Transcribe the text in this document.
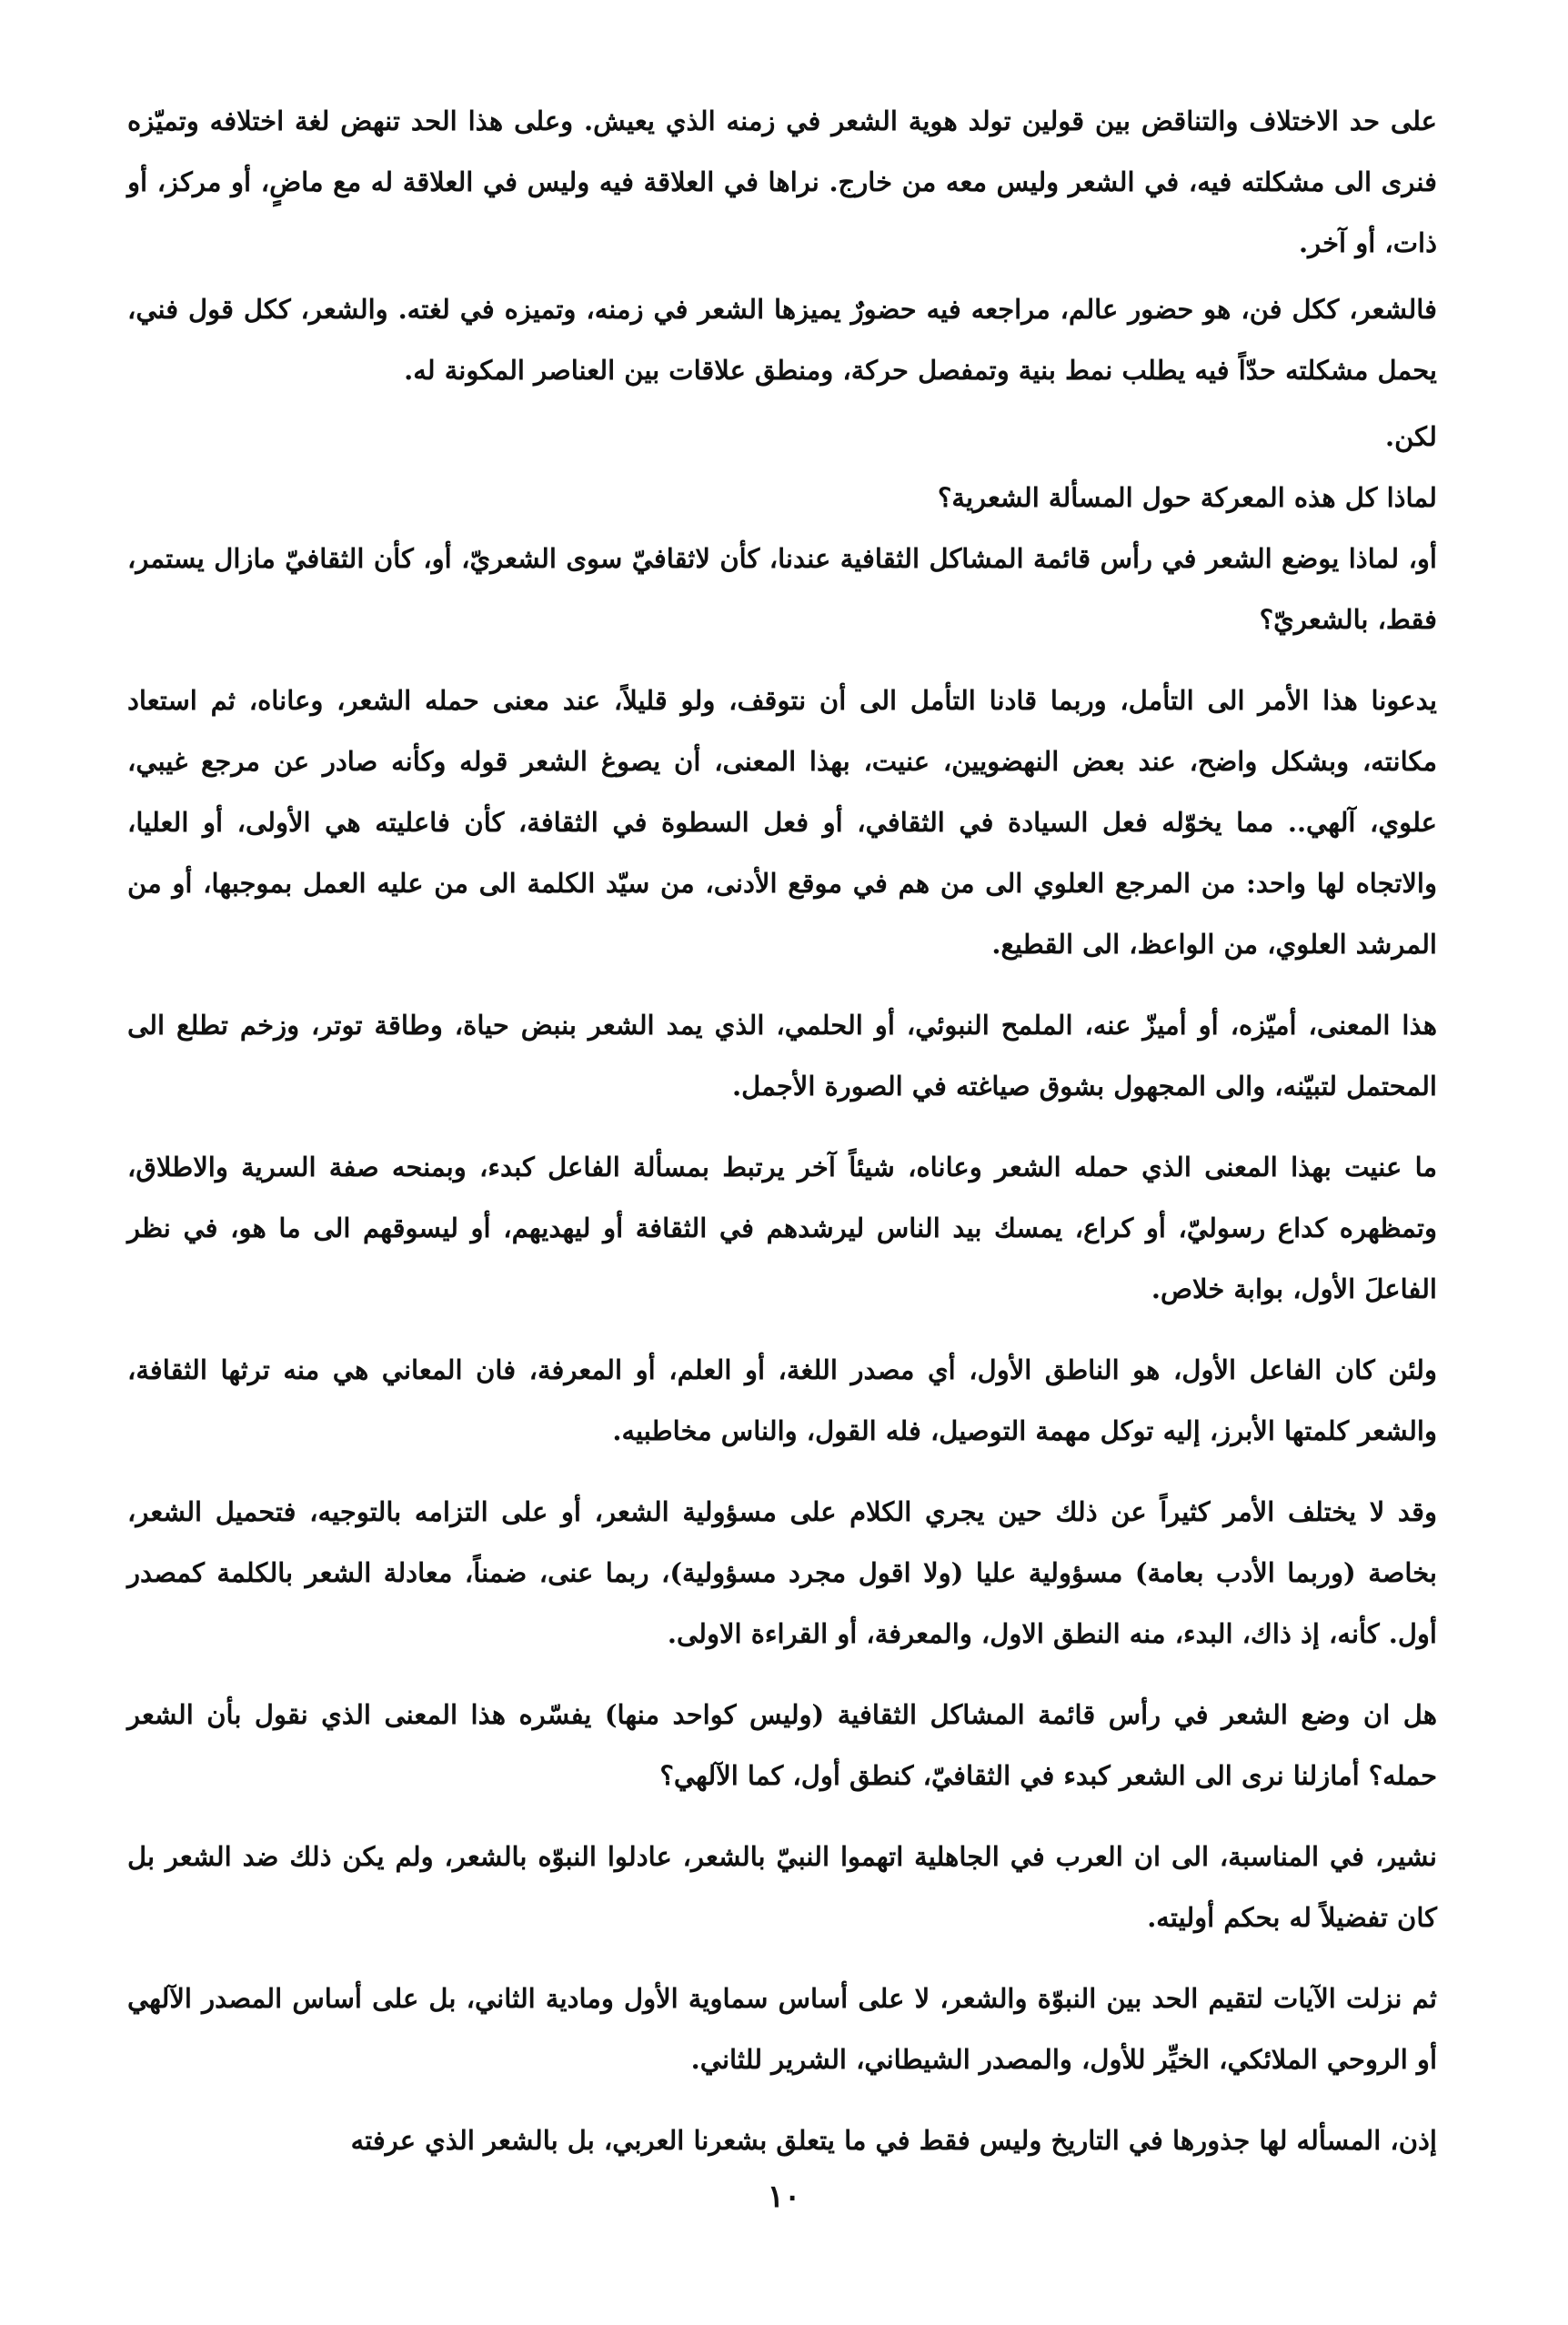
على حد الاختلاف والتناقض بين قولين تولد هوية الشعر في زمنه الذي يعيش. وعلى هذا الحد تنهض لغة اختلافه وتميّزه فنرى الى مشكلته فيه، في الشعر وليس معه من خارج. نراها في العلاقة فيه وليس في العلاقة له مع ماضٍ، أو مركز، أو ذات، أو آخر.

فالشعر، ككل فن، هو حضور عالم، مراجعه فيه حضورٌ يميزها الشعر في زمنه، وتميزه في لغته. والشعر، ككل قول فني، يحمل مشكلته حدّاً فيه يطلب نمط بنية وتمفصل حركة، ومنطق علاقات بين العناصر المكونة له.

لكن.

لماذا كل هذه المعركة حول المسألة الشعرية؟

أو، لماذا يوضع الشعر في رأس قائمة المشاكل الثقافية عندنا، كأن لاثقافيّ سوى الشعريّ، أو، كأن الثقافيّ مازال يستمر، فقط، بالشعريّ؟

يدعونا هذا الأمر الى التأمل، وربما قادنا التأمل الى أن نتوقف، ولو قليلاً، عند معنى حمله الشعر، وعاناه، ثم استعاد مكانته، وبشكل واضح، عند بعض النهضويين، عنيت، بهذا المعنى، أن يصوغ الشعر قوله وكأنه صادر عن مرجع غيبي، علوي، آلهي.. مما يخوّله فعل السيادة في الثقافي، أو فعل السطوة في الثقافة، كأن فاعليته هي الأولى، أو العليا، والاتجاه لها واحد: من المرجع العلوي الى من هم في موقع الأدنى، من سيّد الكلمة الى من عليه العمل بموجبها، أو من المرشد العلوي، من الواعظ، الى القطيع.

هذا المعنى، أميّزه، أو أميزّ عنه، الملمح النبوئي، أو الحلمي، الذي يمد الشعر بنبض حياة، وطاقة توتر، وزخم تطلع الى المحتمل لتبيّنه، والى المجهول بشوق صياغته في الصورة الأجمل.

ما عنيت بهذا المعنى الذي حمله الشعر وعاناه، شيئاً آخر يرتبط بمسألة الفاعل كبدء، وبمنحه صفة السرية والاطلاق، وتمظهره كداع رسوليّ، أو كراع، يمسك بيد الناس ليرشدهم في الثقافة أو ليهديهم، أو ليسوقهم الى ما هو، في نظر الفاعلَ الأول، بوابة خلاص.

ولئن كان الفاعل الأول، هو الناطق الأول، أي مصدر اللغة، أو العلم، أو المعرفة، فان المعاني هي منه ترثها الثقافة، والشعر كلمتها الأبرز، إليه توكل مهمة التوصيل، فله القول، والناس مخاطبيه.

وقد لا يختلف الأمر كثيراً عن ذلك حين يجري الكلام على مسؤولية الشعر، أو على التزامه بالتوجيه، فتحميل الشعر، بخاصة (وربما الأدب بعامة) مسؤولية عليا (ولا اقول مجرد مسؤولية)، ربما عنى، ضمناً، معادلة الشعر بالكلمة كمصدر أول. كأنه، إذ ذاك، البدء، منه النطق الاول، والمعرفة، أو القراءة الاولى.

هل ان وضع الشعر في رأس قائمة المشاكل الثقافية (وليس كواحد منها) يفسّره هذا المعنى الذي نقول بأن الشعر حمله؟ أمازلنا نرى الى الشعر كبدء في الثقافيّ، كنطق أول، كما الآلهي؟

نشير، في المناسبة، الى ان العرب في الجاهلية اتهموا النبيّ بالشعر، عادلوا النبوّه بالشعر، ولم يكن ذلك ضد الشعر بل كان تفضيلاً له بحكم أوليته.

ثم نزلت الآيات لتقيم الحد بين النبوّة والشعر، لا على أساس سماوية الأول ومادية الثاني، بل على أساس المصدر الآلهي أو الروحي الملائكي، الخيِّر للأول، والمصدر الشيطاني، الشرير للثاني.

إذن، المسأله لها جذورها في التاريخ وليس فقط في ما يتعلق بشعرنا العربي، بل بالشعر الذي عرفته

١٠
